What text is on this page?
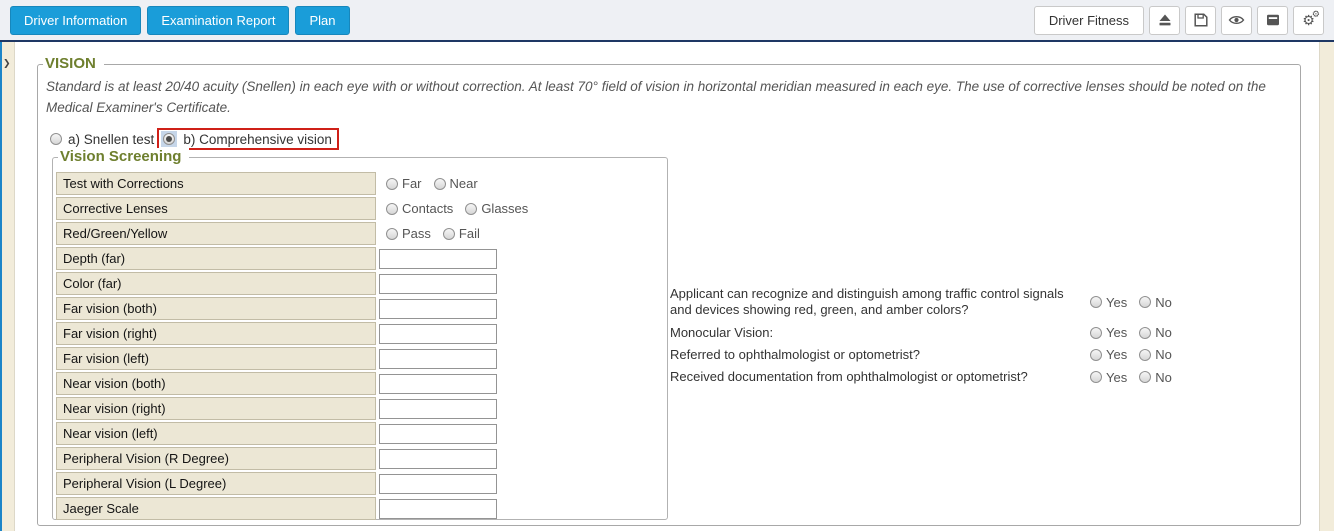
Driver Information	Examination Report	Plan	Driver Fitness	⚙
⚙
❯ VISION
Standard is at least 20/40 acuity (Snellen) in each eye with or without correction. At least 70° field of vision in horizontal meridian measured in each eye. The use of corrective lenses should be noted on the Medical Examiner's Certificate.
a) Snellen test b) Comprehensive vision
Vision Screening
Test with Corrections	Far Near
Corrective Lenses	Contacts Glasses
Red/Green/Yellow	Pass Fail
Depth (far)
Color (far)
Far vision (both)
Far vision (right)
Far vision (left)
Near vision (both)
Near vision (right)
Near vision (left)
Peripheral Vision (R Degree)
Peripheral Vision (L Degree)
Jaeger Scale
Applicant can recognize and distinguish among traffic control signals and devices showing red, green, and amber colors?	Yes No
Monocular Vision:	Yes No
Referred to ophthalmologist or optometrist?	Yes No
Received documentation from ophthalmologist or optometrist?	Yes No
